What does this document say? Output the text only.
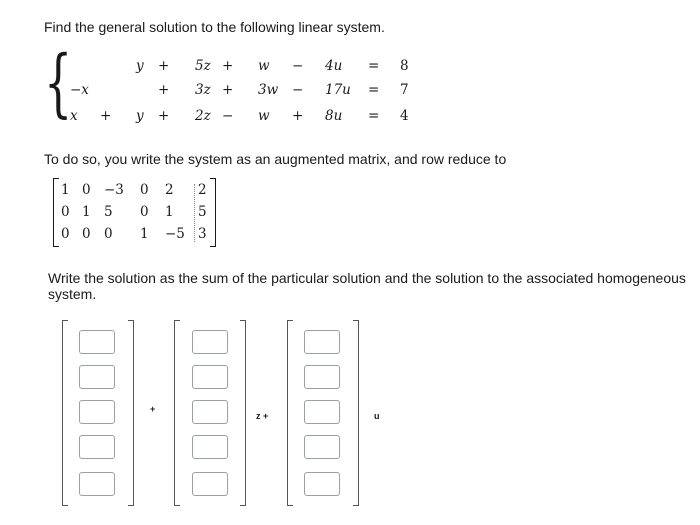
Find the general solution to the following linear system.
{	y + 5z + w − 4u = 8
−x	+ 3z + 3w − 17u = 7
x + y + 2z − w + 8u = 4
To do so, you write the system as an augmented matrix, and row reduce to
1 0 −3 0 2 2
0 1 5 0 1 5
0 0 0 1 −5 3
Write the solution as the sum of the particular solution and the solution to the associated homogeneous
system.
+
z +	u
